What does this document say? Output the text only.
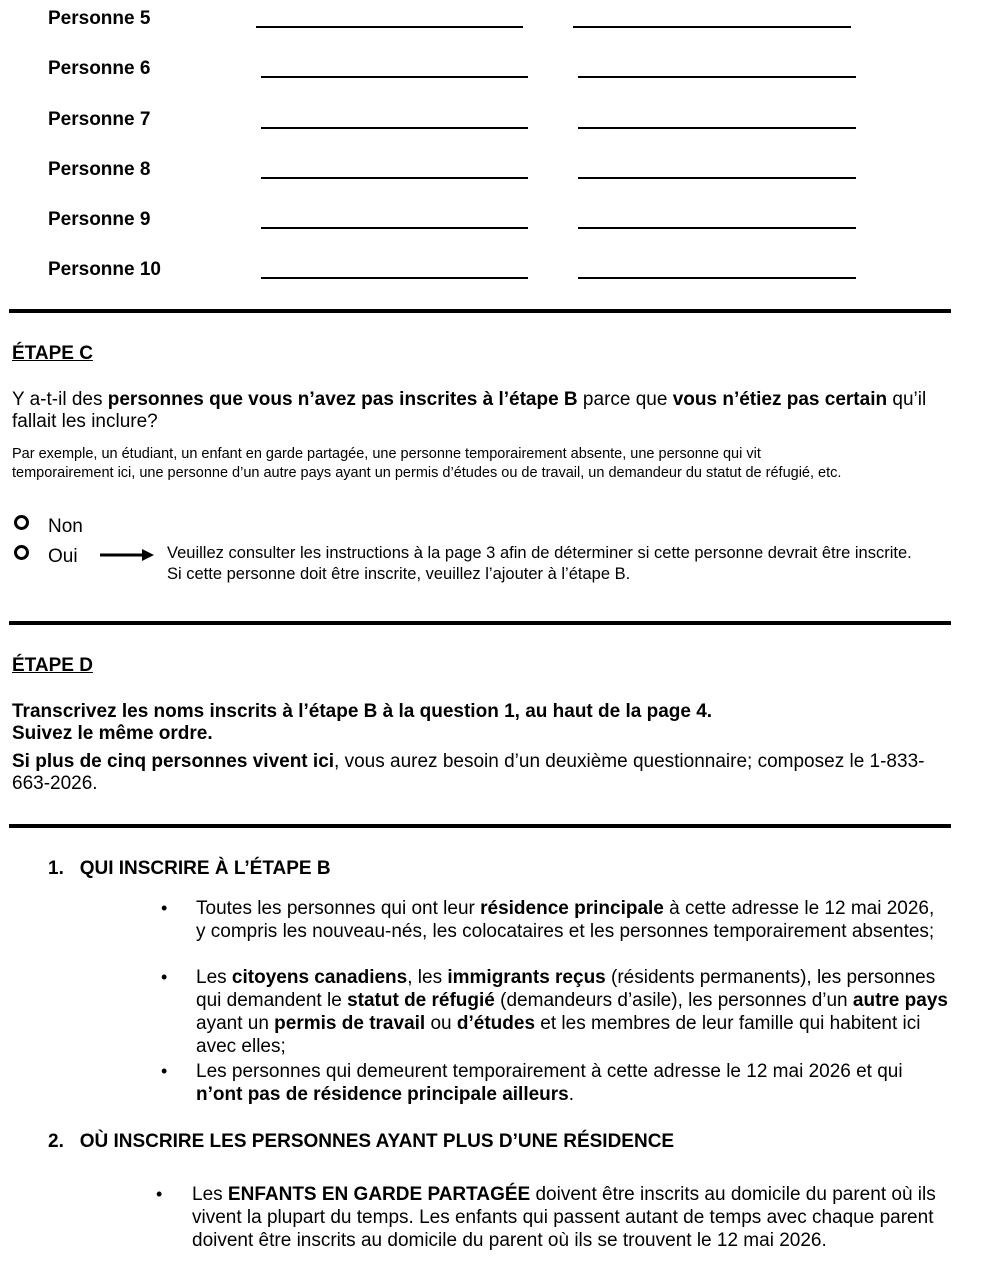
Personne 5
Personne 6
Personne 7
Personne 8
Personne 9
Personne 10
ÉTAPE C
Y a-t-il des personnes que vous n’avez pas inscrites à l’étape B parce que vous n’étiez pas certain qu’il fallait les inclure?
Par exemple, un étudiant, un enfant en garde partagée, une personne temporairement absente, une personne qui vit
temporairement ici, une personne d’un autre pays ayant un permis d’études ou de travail, un demandeur du statut de réfugié, etc.
Non
Oui	Veuillez consulter les instructions à la page 3 afin de déterminer si cette personne devrait être inscrite.
Si cette personne doit être inscrite, veuillez l’ajouter à l’étape B.
ÉTAPE D
Transcrivez les noms inscrits à l’étape B à la question 1, au haut de la page 4.
Suivez le même ordre.
Si plus de cinq personnes vivent ici, vous aurez besoin d’un deuxième questionnaire; composez le 1-833-663-2026.
1. QUI INSCRIRE À L’ÉTAPE B
• Toutes les personnes qui ont leur résidence principale à cette adresse le 12 mai 2026, y compris les nouveau-nés, les colocataires et les personnes temporairement absentes;
• Les citoyens canadiens, les immigrants reçus (résidents permanents), les personnes qui demandent le statut de réfugié (demandeurs d’asile), les personnes d’un autre pays ayant un permis de travail ou d’études et les membres de leur famille qui habitent ici avec elles;
• Les personnes qui demeurent temporairement à cette adresse le 12 mai 2026 et qui n’ont pas de résidence principale ailleurs.
2. OÙ INSCRIRE LES PERSONNES AYANT PLUS D’UNE RÉSIDENCE
• Les ENFANTS EN GARDE PARTAGÉE doivent être inscrits au domicile du parent où ils vivent la plupart du temps. Les enfants qui passent autant de temps avec chaque parent doivent être inscrits au domicile du parent où ils se trouvent le 12 mai 2026.
